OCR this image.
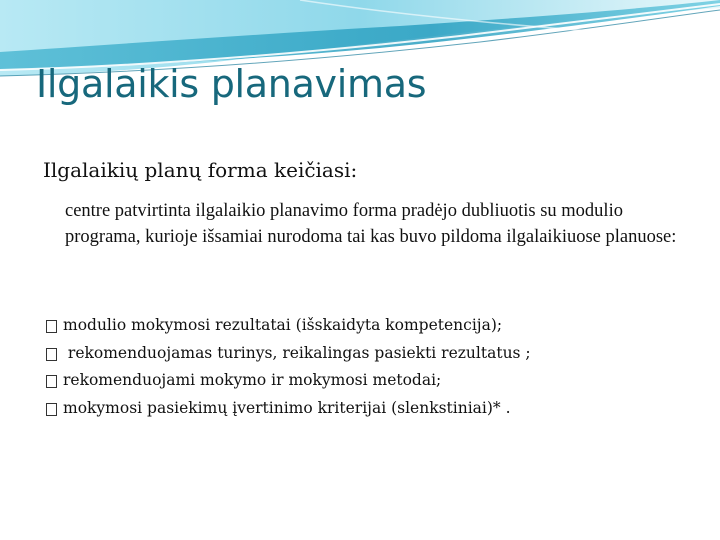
Ilgalaikis planavimas
Ilgalaikių planų forma keičiasi:
centre patvirtinta ilgalaikio planavimo forma pradėjo dubliuotis su modulio programa, kurioje išsamiai nurodoma tai kas buvo pildoma ilgalaikiuose planuose:
modulio mokymosi rezultatai (išskaidyta kompetencija);
rekomenduojamas turinys, reikalingas pasiekti rezultatus ;
rekomenduojami mokymo ir mokymosi metodai;
mokymosi pasiekimų įvertinimo kriterijai (slenkstiniai)* .
